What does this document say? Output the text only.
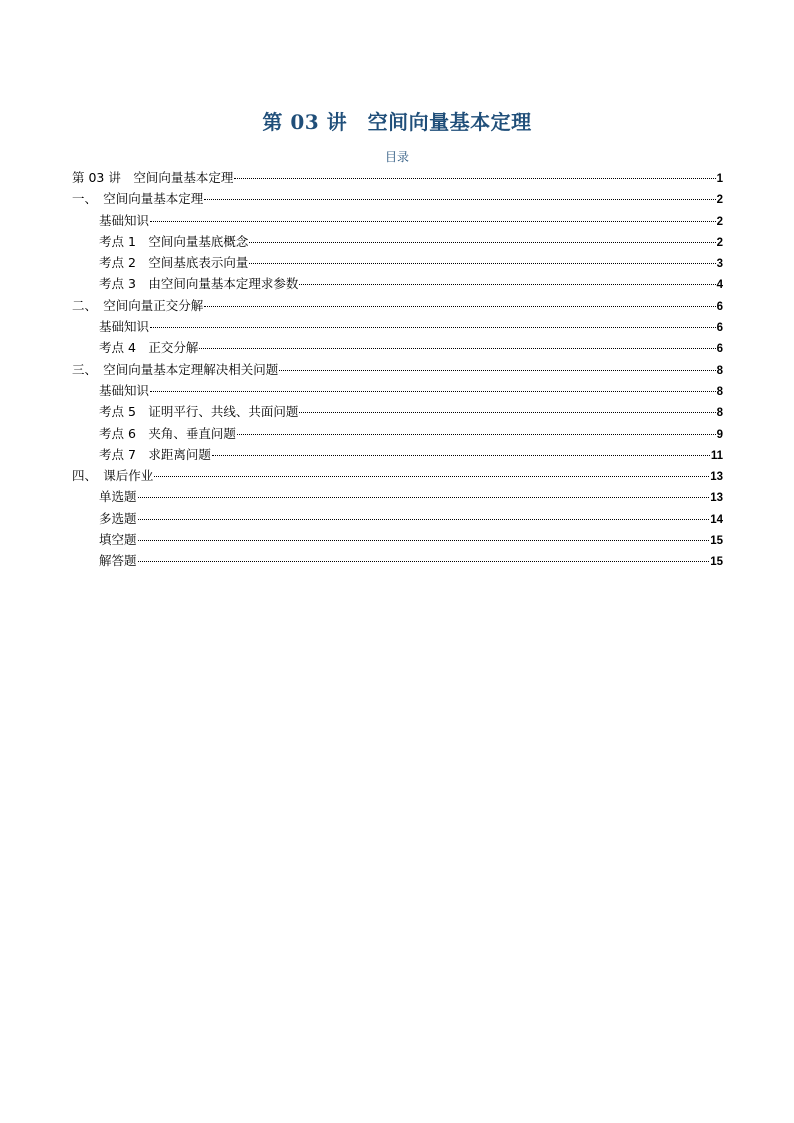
第 03 讲　空间向量基本定理
目录
第 03 讲　空间向量基本定理	1
一、　空间向量基本定理	2
基础知识	2
考点 1　空间向量基底概念	2
考点 2　空间基底表示向量	3
考点 3　由空间向量基本定理求参数	4
二、　空间向量正交分解	6
基础知识	6
考点 4　正交分解	6
三、　空间向量基本定理解决相关问题	8
基础知识	8
考点 5　证明平行、共线、共面问题	8
考点 6　夹角、垂直问题	9
考点 7　求距离问题	11
四、　课后作业	13
单选题	13
多选题	14
填空题	15
解答题	15
